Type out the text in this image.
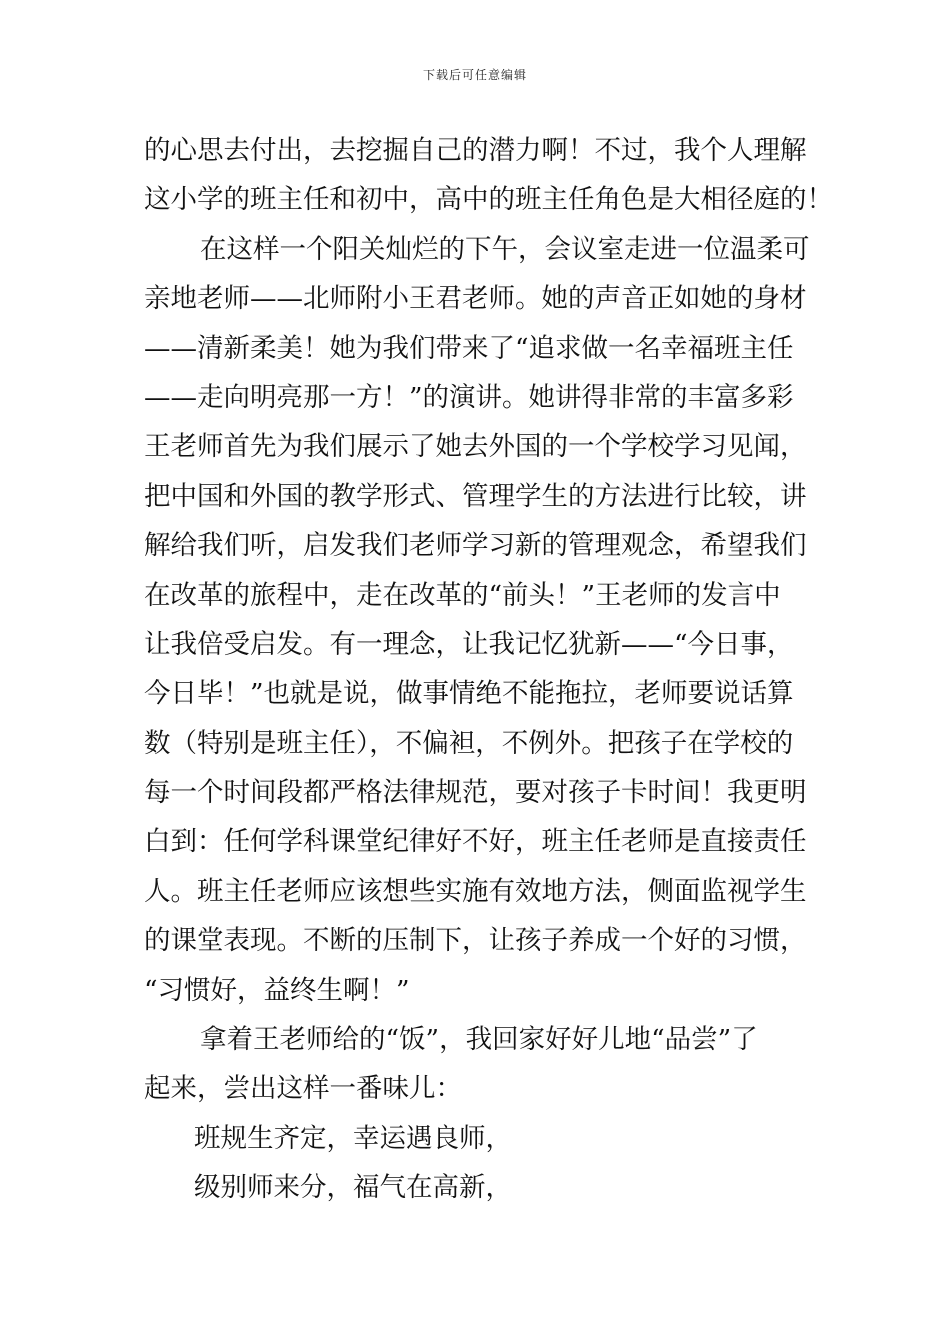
下载后可任意编辑
的心思去付出，去挖掘自己的潜力啊！不过，我个人理解
这小学的班主任和初中，高中的班主任角色是大相径庭的！
在这样一个阳关灿烂的下午，会议室走进一位温柔可
亲地老师——北师附小王君老师。她的声音正如她的身材
——清新柔美！她为我们带来了“追求做一名幸福班主任
——走向明亮那一方！”的演讲。她讲得非常的丰富多彩
王老师首先为我们展示了她去外国的一个学校学习见闻，
把中国和外国的教学形式、管理学生的方法进行比较，讲
解给我们听，启发我们老师学习新的管理观念，希望我们
在改革的旅程中，走在改革的“前头！”王老师的发言中
让我倍受启发。有一理念，让我记忆犹新——“今日事，
今日毕！”也就是说，做事情绝不能拖拉，老师要说话算
数（特别是班主任），不偏袒，不例外。把孩子在学校的
每一个时间段都严格法律规范，要对孩子卡时间！我更明
白到：任何学科课堂纪律好不好，班主任老师是直接责任
人。班主任老师应该想些实施有效地方法，侧面监视学生
的课堂表现。不断的压制下，让孩子养成一个好的习惯，
“习惯好，益终生啊！”
拿着王老师给的“饭”，我回家好好儿地“品尝”了
起来，尝出这样一番味儿：
班规生齐定，幸运遇良师，
级别师来分，福气在高新，
